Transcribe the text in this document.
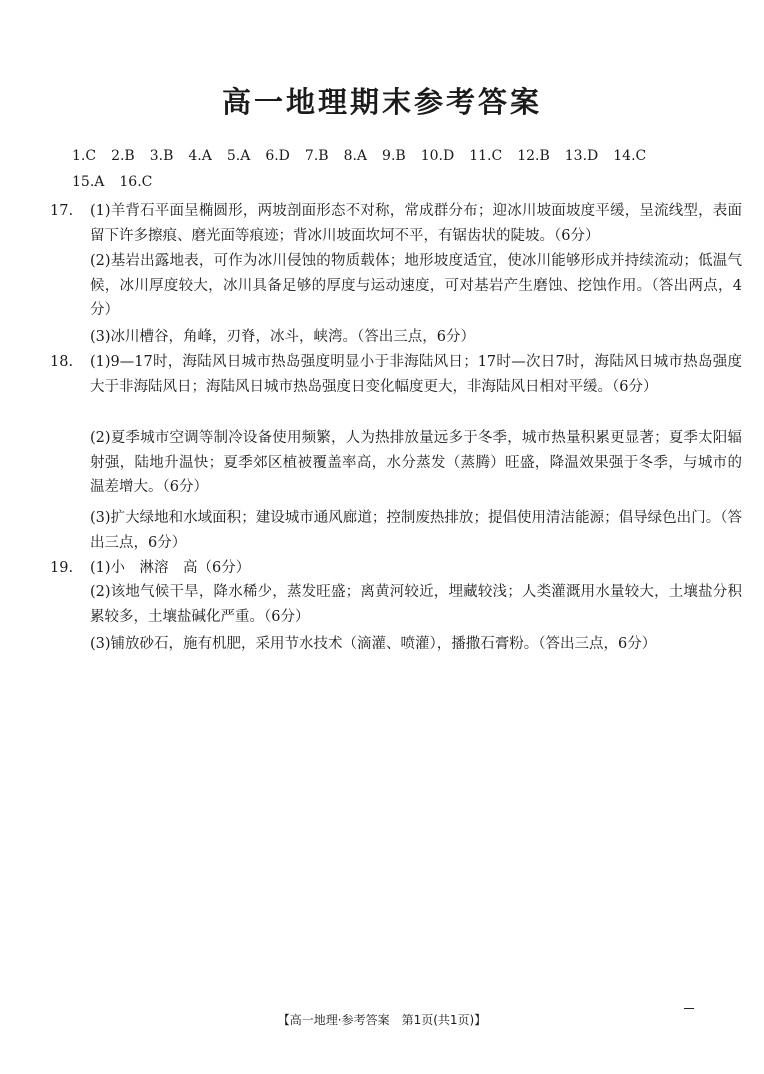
高一地理期末参考答案
1.C 2.B 3.B 4.A 5.A 6.D 7.B 8.A 9.B 10.D 11.C 12.B 13.D 14.C
15.A 16.C
17. (1)羊背石平面呈椭圆形，两坡剖面形态不对称，常成群分布；迎冰川坡面坡度平缓，呈流线型，表面留下许多擦痕、磨光面等痕迹；背冰川坡面坎坷不平，有锯齿状的陡坡。（6分）
(2)基岩出露地表，可作为冰川侵蚀的物质载体；地形坡度适宜，使冰川能够形成并持续流动；低温气候，冰川厚度较大，冰川具备足够的厚度与运动速度，可对基岩产生磨蚀、挖蚀作用。（答出两点，4分）
(3)冰川槽谷，角峰，刃脊，冰斗，峡湾。（答出三点，6分）
18. (1)9—17时，海陆风日城市热岛强度明显小于非海陆风日；17时—次日7时，海陆风日城市热岛强度大于非海陆风日；海陆风日城市热岛强度日变化幅度更大，非海陆风日相对平缓。（6分）
(2)夏季城市空调等制冷设备使用频繁，人为热排放量远多于冬季，城市热量积累更显著；夏季太阳辐射强，陆地升温快；夏季郊区植被覆盖率高，水分蒸发（蒸腾）旺盛，降温效果强于冬季，与城市的温差增大。（6分）
(3)扩大绿地和水域面积；建设城市通风廊道；控制废热排放；提倡使用清洁能源；倡导绿色出门。（答出三点，6分）
19. (1)小　淋溶　高（6分）
(2)该地气候干旱，降水稀少，蒸发旺盛；离黄河较近，埋藏较浅；人类灌溉用水量较大，土壤盐分积累较多，土壤盐碱化严重。（6分）
(3)铺放砂石，施有机肥，采用节水技术（滴灌、喷灌），播撒石膏粉。（答出三点，6分）
【高一地理·参考答案　第1页(共1页)】
